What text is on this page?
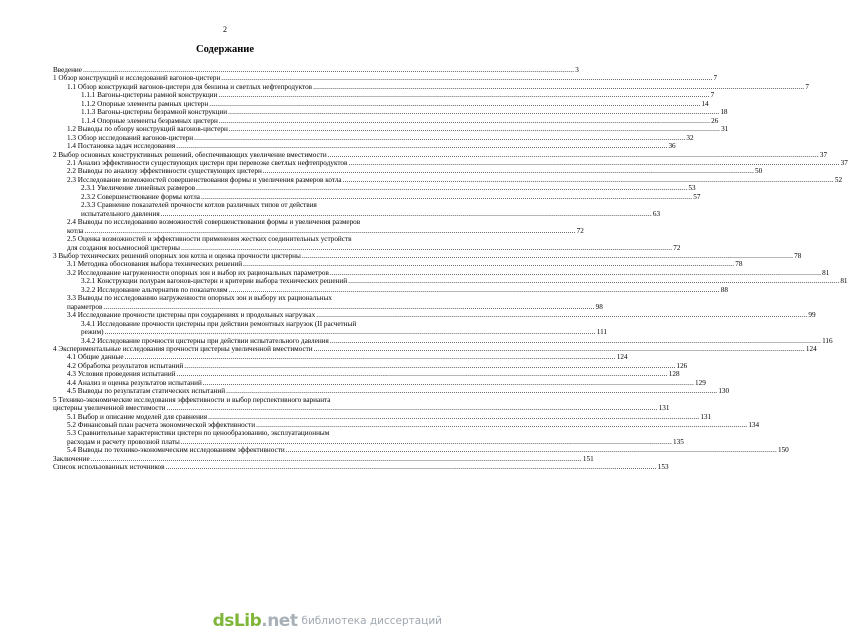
2
Содержание
Введение .....	3
1 Обзор конструкций и исследований вагонов-цистерн .....	7
1.1 Обзор конструкций вагонов-цистерн для бензина и светлых нефтепродуктов .....	7
1.1.1 Вагоны-цистерны рамной конструкции .....	7
1.1.2 Опорные элементы рамных цистерн .....	14
1.1.3 Вагоны-цистерны безрамной конструкции .....	18
1.1.4 Опорные элементы безрамных цистерн .....	26
1.2 Выводы по обзору конструкций вагонов-цистерн .....	31
1.3 Обзор исследований вагонов-цистерн .....	32
1.4 Постановка задач исследования .....	36
2 Выбор основных конструктивных решений, обеспечивающих увеличение вместимости .....	37
2.1 Анализ эффективности существующих цистерн при перевозке светлых нефтепродуктов .....	37
2.2 Выводы по анализу эффективности существующих цистерн .....	50
2.3 Исследование возможностей совершенствования формы и увеличения размеров котла .....	52
2.3.1 Увеличение линейных размеров .....	53
2.3.2 Совершенствование формы котла .....	57
2.3.3 Сравнение показателей прочности котлов различных типов от действия
испытательного давления .....	63
2.4 Выводы по исследованию возможностей совершенствования формы и увеличения размеров
котла .....	72
2.5 Оценка возможностей и эффективности применения жестких соединительных устройств
для создания восьмиосной цистерны .....	72
3 Выбор технических решений опорных зон котла и оценка прочности цистерны .....	78
3.1 Методика обоснования выбора технических решений .....	78
3.2 Исследование нагруженности опорных зон и выбор их рациональных параметров .....	81
3.2.1 Конструкции полурам вагонов-цистерн и критерии выбора технических решений .....	81
3.2.2 Исследование альтернатив по показателям .....	88
3.3 Выводы по исследованию нагруженности опорных зон и выбору их рациональных
параметров .....	98
3.4 Исследование прочности цистерны при соударениях и продольных нагрузках .....	99
3.4.1 Исследование прочности цистерны при действии ремонтных нагрузок (II расчетный
режим) .....	111
3.4.2 Исследование прочности цистерны при действии испытательного давления .....	116
4 Экспериментальные исследования прочности цистерны увеличенной вместимости .....	124
4.1 Общие данные .....	124
4.2 Обработка результатов испытаний .....	126
4.3 Условия проведения испытаний .....	128
4.4 Анализ и оценка результатов испытаний .....	129
4.5 Выводы по результатам статических испытаний .....	130
5 Технико-экономические исследования эффективности и выбор перспективного варианта
цистерны увеличенной вместимости .....	131
5.1 Выбор и описание моделей для сравнения .....	131
5.2 Финансовый план расчета экономической эффективности .....	134
5.3 Сравнительные характеристики цистерн по ценообразованию, эксплуатационным
расходам и расчету провозной платы .....	135
5.4 Выводы по технико-экономическим исследованиям эффективности .....	150
Заключение .....	151
Список использованных источников .....	153
dsLib.net библиотека диссертаций
